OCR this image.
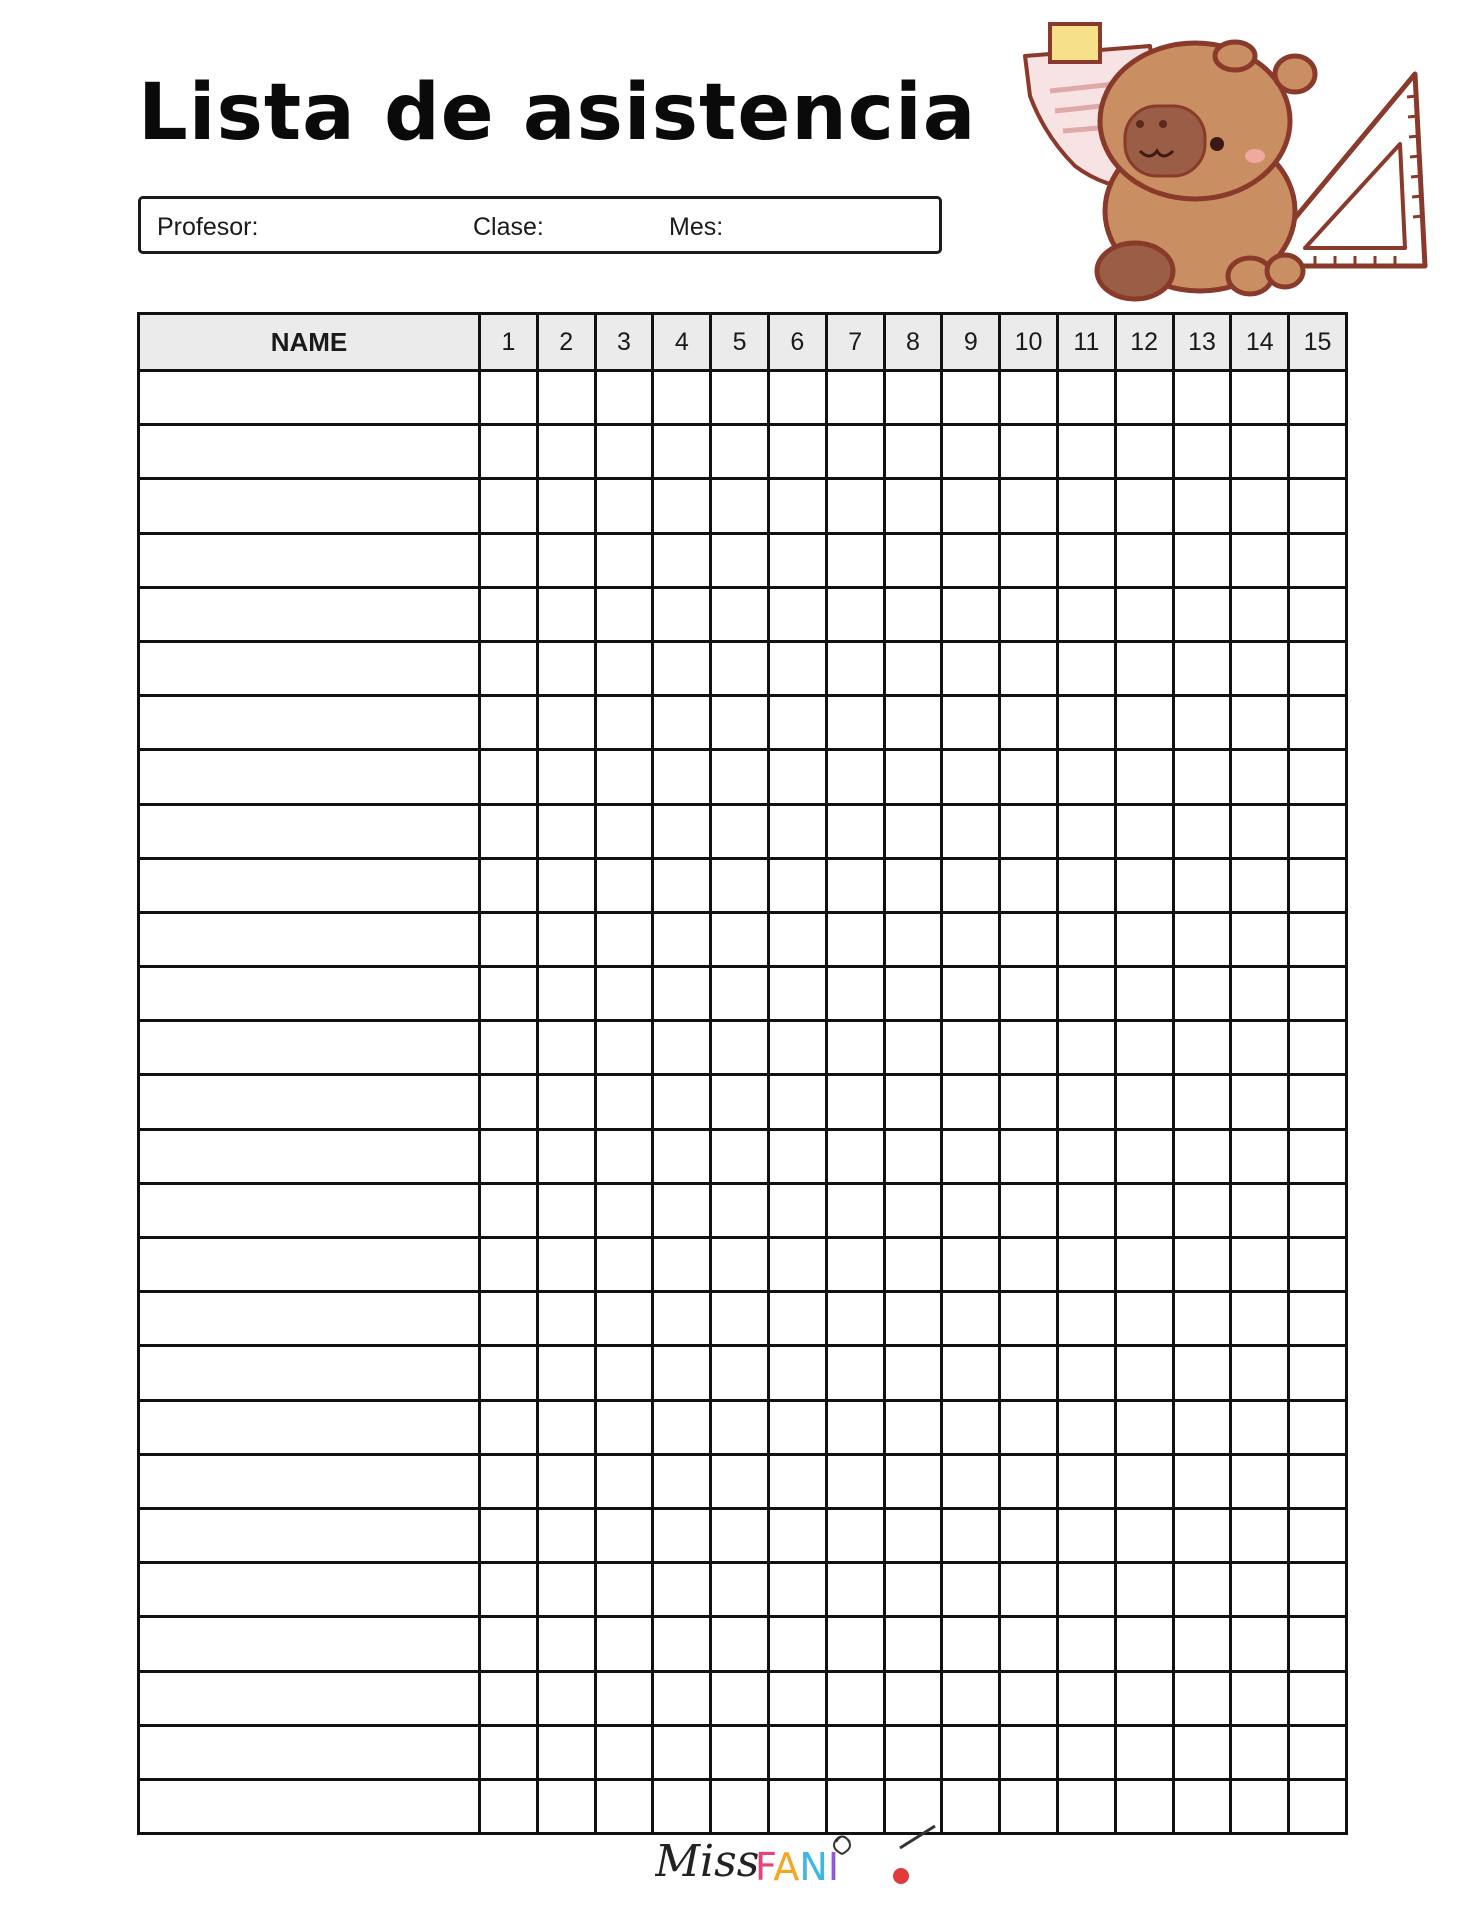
Lista de asistencia
Profesor:	Clase:	Mes:
NAME	1	2	3	4	5	6	7	8	9	10	11	12	13	14	15

Miss
FANI
